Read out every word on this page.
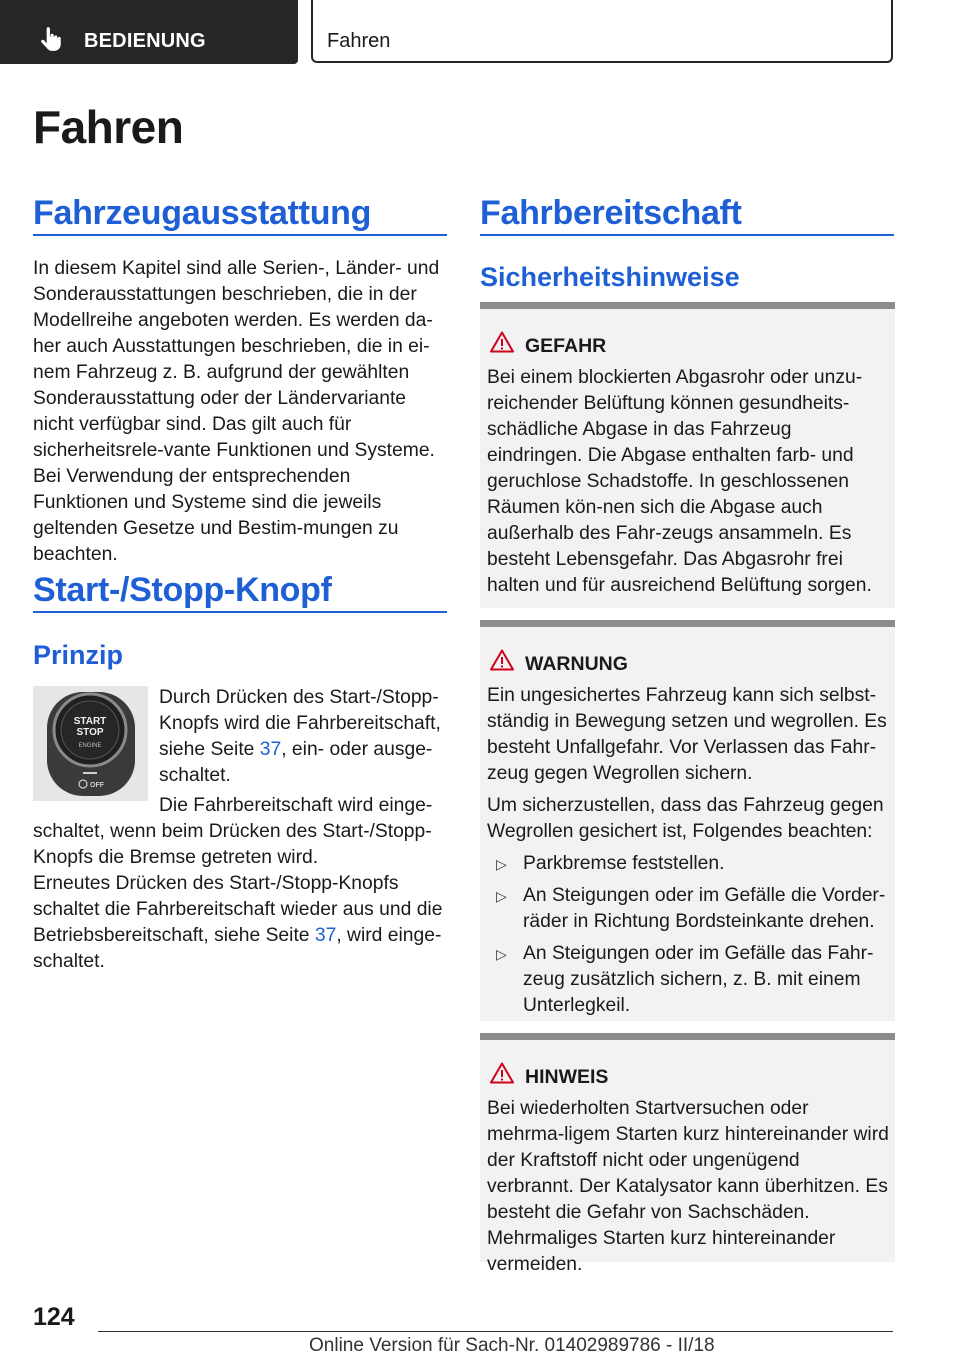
BEDIENUNG	Fahren
Fahren
Fahrzeugausstattung

In diesem Kapitel sind alle Serien-, Länder- und Sonderausstattungen beschrieben, die in der Modellreihe angeboten werden. Es werden da-her auch Ausstattungen beschrieben, die in ei-nem Fahrzeug z. B. aufgrund der gewählten Sonderausstattung oder der Ländervariante nicht verfügbar sind. Das gilt auch für sicherheitsrele-vante Funktionen und Systeme. Bei Verwendung der entsprechenden Funktionen und Systeme sind die jeweils geltenden Gesetze und Bestim-mungen zu beachten.

Start-/Stopp-Knopf
Prinzip
START
STOP
ENGINE
OFF

Durch Drücken des Start-/Stopp-Knopfs wird die Fahrbereitschaft, siehe Seite 37, ein- oder ausge-schaltet.

Die Fahrbereitschaft wird einge-schaltet, wenn beim Drücken des Start-/Stopp-Knopfs die Bremse getreten wird.

Erneutes Drücken des Start-/Stopp-Knopfs schaltet die Fahrbereitschaft wieder aus und die Betriebsbereitschaft, siehe Seite 37, wird einge-schaltet.

Fahrbereitschaft
Sicherheitshinweise
GEFAHR

Bei einem blockierten Abgasrohr oder unzu-reichender Belüftung können gesundheits-schädliche Abgase in das Fahrzeug eindringen. Die Abgase enthalten farb- und geruchlose Schadstoffe. In geschlossenen Räumen kön-nen sich die Abgase auch außerhalb des Fahr-zeugs ansammeln. Es besteht Lebensgefahr. Das Abgasrohr frei halten und für ausreichend Belüftung sorgen.

WARNUNG

Ein ungesichertes Fahrzeug kann sich selbst-ständig in Bewegung setzen und wegrollen. Es besteht Unfallgefahr. Vor Verlassen das Fahr-zeug gegen Wegrollen sichern.

Um sicherzustellen, dass das Fahrzeug gegen Wegrollen gesichert ist, Folgendes beachten:

▷ Parkbremse feststellen.
▷ An Steigungen oder im Gefälle die Vorder-räder in Richtung Bordsteinkante drehen.
▷ An Steigungen oder im Gefälle das Fahr-zeug zusätzlich sichern, z. B. mit einem Unterlegkeil.
HINWEIS

Bei wiederholten Startversuchen oder mehrma-ligem Starten kurz hintereinander wird der Kraftstoff nicht oder ungenügend verbrannt. Der Katalysator kann überhitzen. Es besteht die Gefahr von Sachschäden. Mehrmaliges Starten kurz hintereinander vermeiden.

124
Online Version für Sach-Nr. 01402989786 - II/18
